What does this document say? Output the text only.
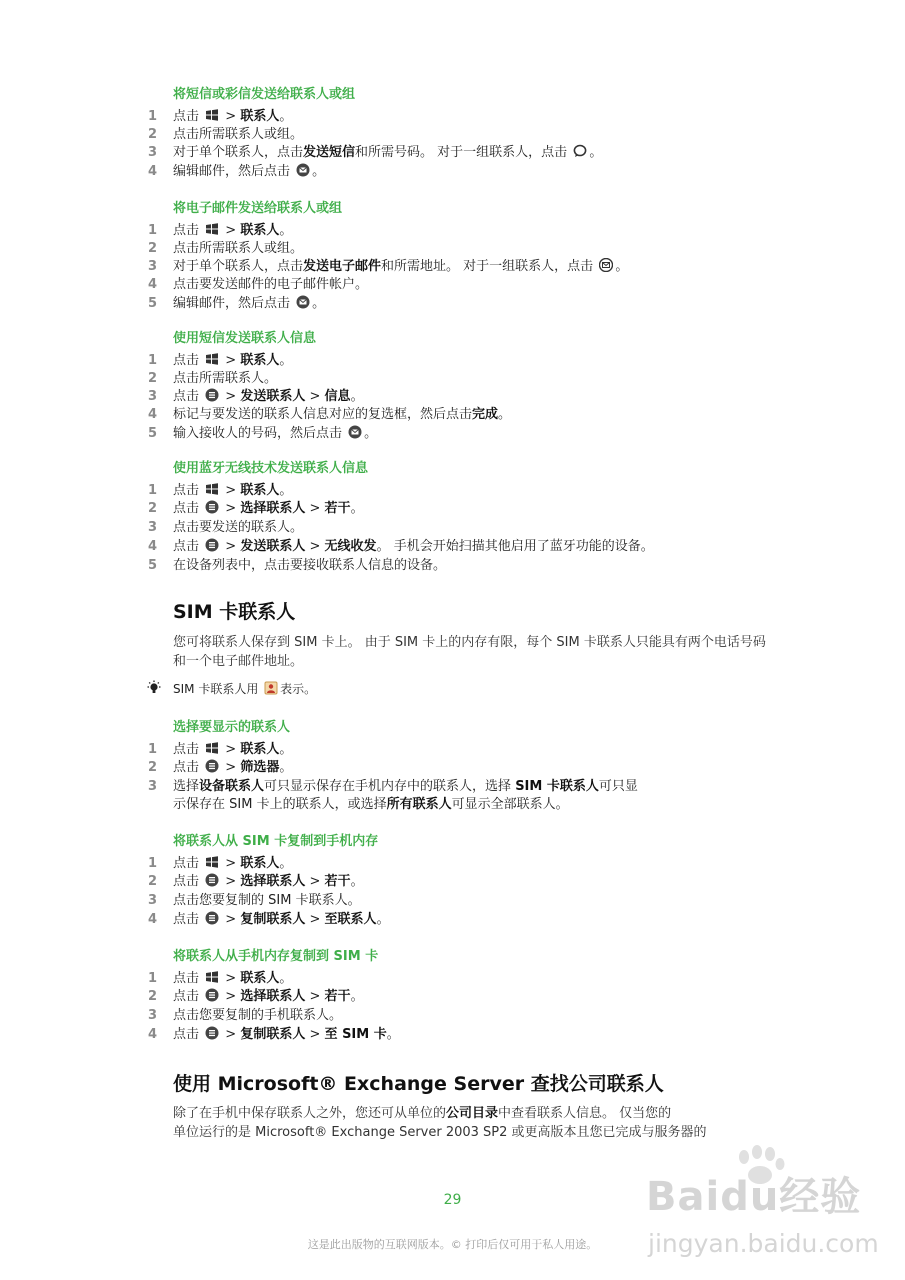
将短信或彩信发送给联系人或组
1 点击 > 联系人。
2 点击所需联系人或组。
3 对于单个联系人，点击发送短信和所需号码。 对于一组联系人，点击 。
4 编辑邮件，然后点击 。
将电子邮件发送给联系人或组
1 点击 > 联系人。
2 点击所需联系人或组。
3 对于单个联系人，点击发送电子邮件和所需地址。 对于一组联系人，点击 。
4 点击要发送邮件的电子邮件帐户。
5 编辑邮件，然后点击 。
使用短信发送联系人信息
1 点击 > 联系人。
2 点击所需联系人。
3 点击 > 发送联系人 > 信息。
4 标记与要发送的联系人信息对应的复选框，然后点击完成。
5 输入接收人的号码，然后点击 。
使用蓝牙无线技术发送联系人信息
1 点击 > 联系人。
2 点击 > 选择联系人 > 若干。
3 点击要发送的联系人。
4 点击 > 发送联系人 > 无线收发。 手机会开始扫描其他启用了蓝牙功能的设备。
5 在设备列表中，点击要接收联系人信息的设备。
SIM 卡联系人
您可将联系人保存到 SIM 卡上。 由于 SIM 卡上的内存有限，每个 SIM 卡联系人只能具有两个电话号码和一个电子邮件地址。
SIM 卡联系人用 表示。
选择要显示的联系人
1 点击 > 联系人。
2 点击 > 筛选器。
3 选择设备联系人可只显示保存在手机内存中的联系人，选择 SIM 卡联系人可只显
示保存在 SIM 卡上的联系人，或选择所有联系人可显示全部联系人。
将联系人从 SIM 卡复制到手机内存
1 点击 > 联系人。
2 点击 > 选择联系人 > 若干。
3 点击您要复制的 SIM 卡联系人。
4 点击 > 复制联系人 > 至联系人。
将联系人从手机内存复制到 SIM 卡
1 点击 > 联系人。
2 点击 > 选择联系人 > 若干。
3 点击您要复制的手机联系人。
4 点击 > 复制联系人 > 至 SIM 卡。
使用 Microsoft® Exchange Server 查找公司联系人
除了在手机中保存联系人之外，您还可从单位的公司目录中查看联系人信息。 仅当您的
单位运行的是 Microsoft® Exchange Server 2003 SP2 或更高版本且您已完成与服务器的
Baidu经验
jingyan.baidu.com
29
这是此出版物的互联网版本。© 打印后仅可用于私人用途。
